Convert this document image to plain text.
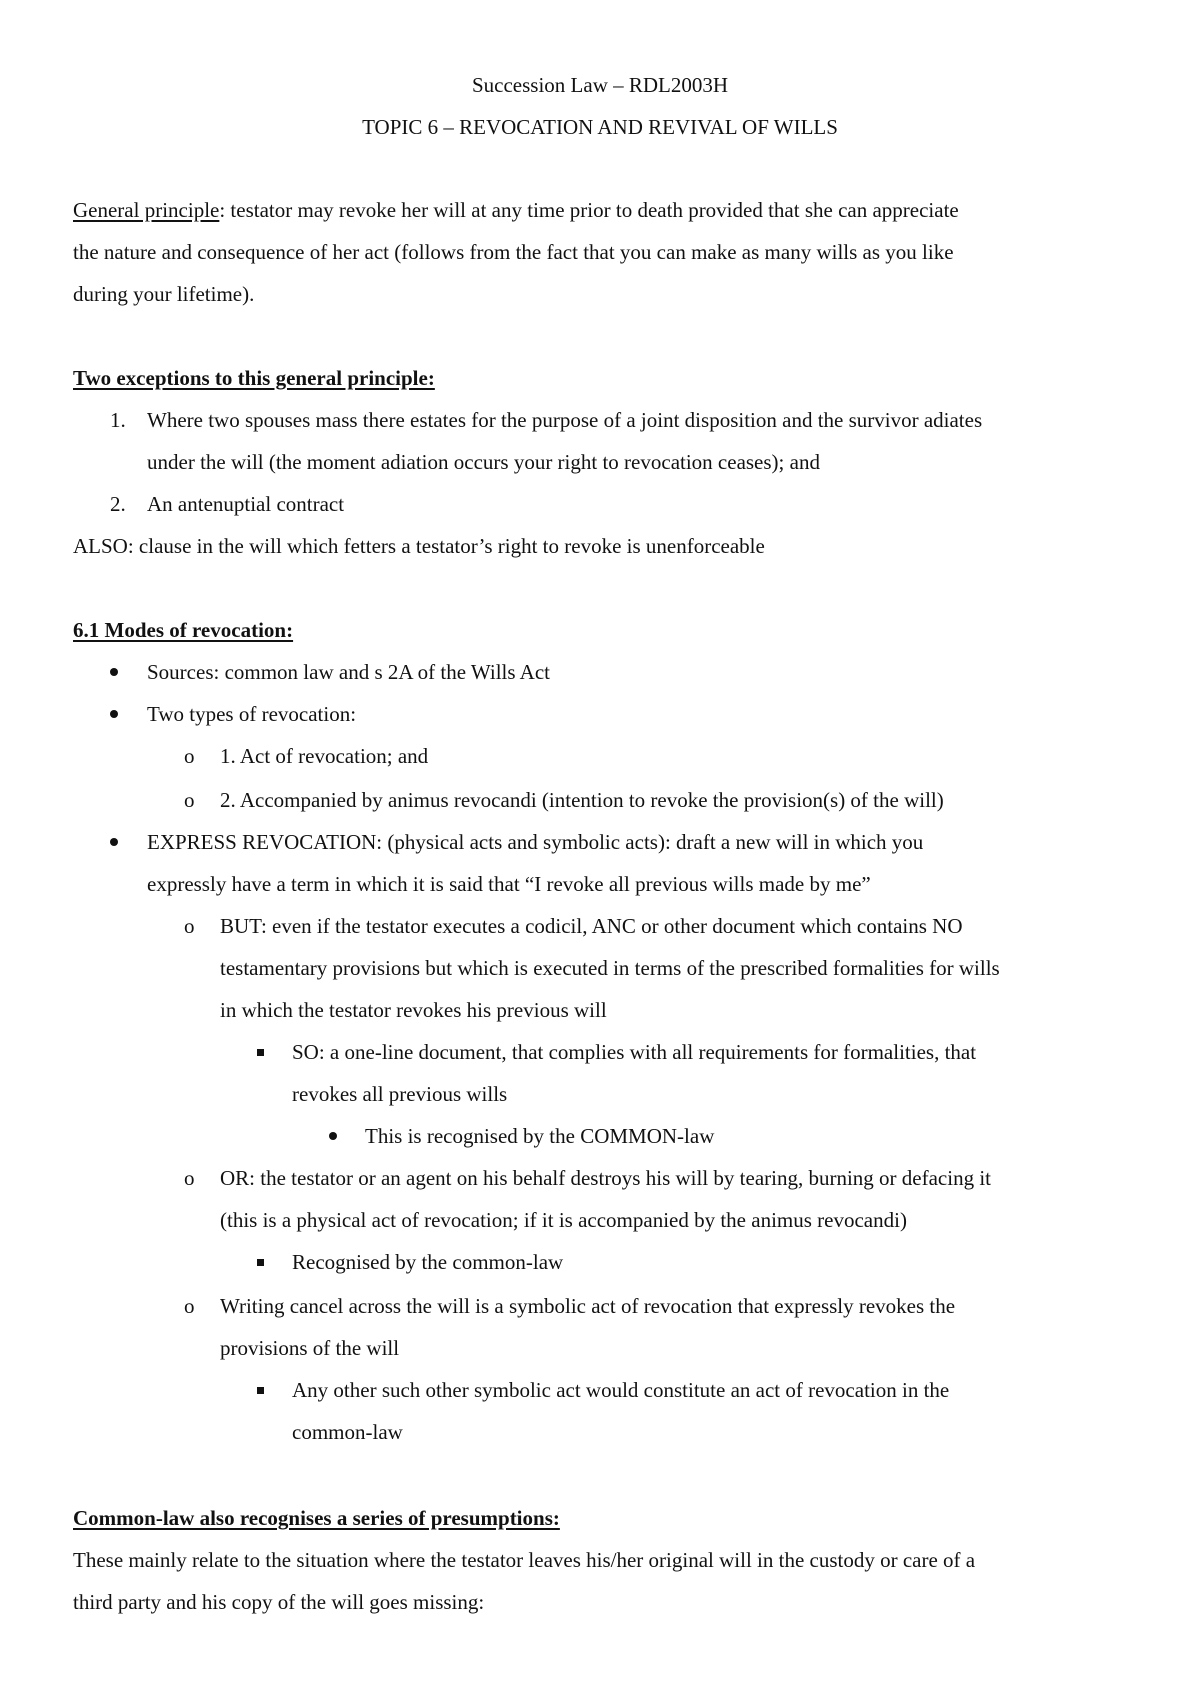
Succession Law – RDL2003H
TOPIC 6 – REVOCATION AND REVIVAL OF WILLS
General principle: testator may revoke her will at any time prior to death provided that she can appreciate
the nature and consequence of her act (follows from the fact that you can make as many wills as you like
during your lifetime).
Two exceptions to this general principle:
1. Where two spouses mass there estates for the purpose of a joint disposition and the survivor adiates
under the will (the moment adiation occurs your right to revocation ceases); and
2. An antenuptial contract
ALSO: clause in the will which fetters a testator’s right to revoke is unenforceable
6.1 Modes of revocation:
Sources: common law and s 2A of the Wills Act
Two types of revocation:
o 1. Act of revocation; and
o 2. Accompanied by animus revocandi (intention to revoke the provision(s) of the will)
EXPRESS REVOCATION: (physical acts and symbolic acts): draft a new will in which you
expressly have a term in which it is said that “I revoke all previous wills made by me”
o BUT: even if the testator executes a codicil, ANC or other document which contains NO
testamentary provisions but which is executed in terms of the prescribed formalities for wills
in which the testator revokes his previous will
SO: a one-line document, that complies with all requirements for formalities, that
revokes all previous wills
This is recognised by the COMMON-law
o OR: the testator or an agent on his behalf destroys his will by tearing, burning or defacing it
(this is a physical act of revocation; if it is accompanied by the animus revocandi)
Recognised by the common-law
o Writing cancel across the will is a symbolic act of revocation that expressly revokes the
provisions of the will
Any other such other symbolic act would constitute an act of revocation in the
common-law
Common-law also recognises a series of presumptions:
These mainly relate to the situation where the testator leaves his/her original will in the custody or care of a
third party and his copy of the will goes missing:
